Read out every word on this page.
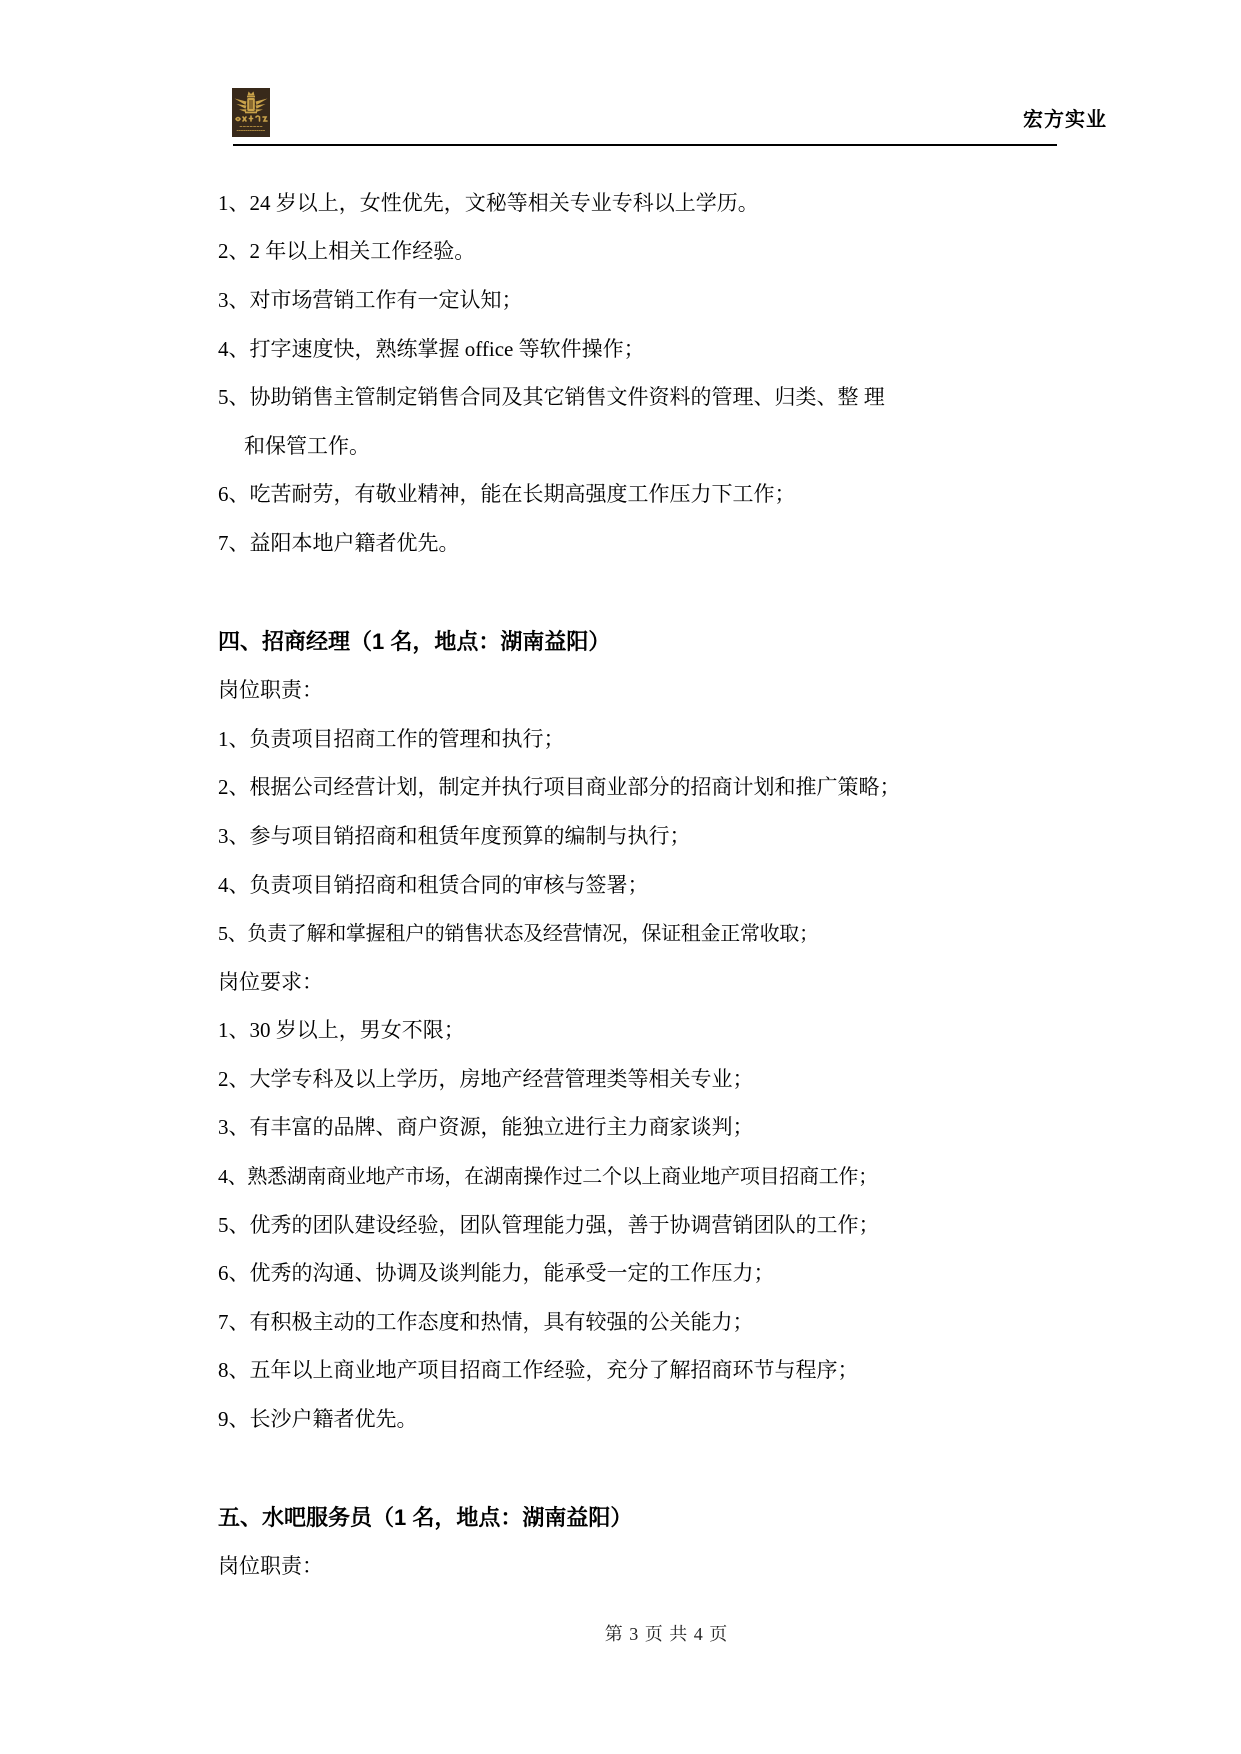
宏方实业
1、24 岁以上，女性优先，文秘等相关专业专科以上学历。
2、2 年以上相关工作经验。
3、对市场营销工作有一定认知；
4、打字速度快，熟练掌握 office 等软件操作；
5、协助销售主管制定销售合同及其它销售文件资料的管理、归类、整 理
和保管工作。
6、吃苦耐劳，有敬业精神，能在长期高强度工作压力下工作；
7、益阳本地户籍者优先。
四、招商经理（1 名，地点：湖南益阳）
岗位职责：
1、负责项目招商工作的管理和执行；
2、根据公司经营计划，制定并执行项目商业部分的招商计划和推广策略；
3、参与项目销招商和租赁年度预算的编制与执行；
4、负责项目销招商和租赁合同的审核与签署；
5、负责了解和掌握租户的销售状态及经营情况，保证租金正常收取；
岗位要求：
1、30 岁以上，男女不限；
2、大学专科及以上学历，房地产经营管理类等相关专业；
3、有丰富的品牌、商户资源，能独立进行主力商家谈判；
4、熟悉湖南商业地产市场，在湖南操作过二个以上商业地产项目招商工作；
5、优秀的团队建设经验，团队管理能力强，善于协调营销团队的工作；
6、优秀的沟通、协调及谈判能力，能承受一定的工作压力；
7、有积极主动的工作态度和热情，具有较强的公关能力；
8、五年以上商业地产项目招商工作经验，充分了解招商环节与程序；
9、长沙户籍者优先。
五、水吧服务员（1 名，地点：湖南益阳）
岗位职责：
第 3 页 共 4 页
